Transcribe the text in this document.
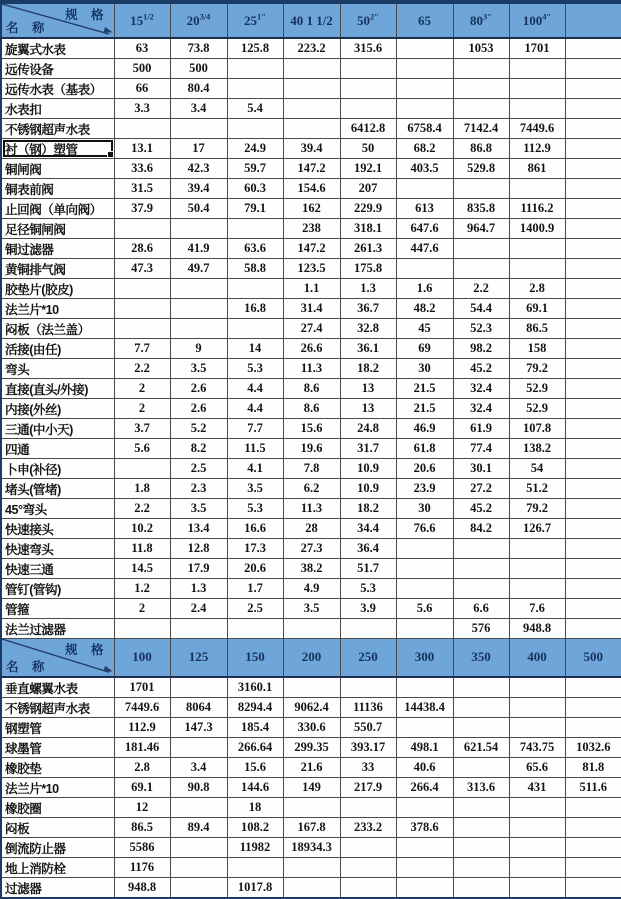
规 格
名 称	$15^{1/2}$	$20^{3/4}$	$25^{1''}$	40 1 1/2	$50^{2''}$	65	$80^{3''}$	$100^{4''}$	
旋翼式水表	63	73.8	125.8	223.2	315.6		1053	1701	
远传设备	500	500							
远传水表（基表）	66	80.4							
水表扣	3.3	3.4	5.4						
不锈钢超声水表					6412.8	6758.4	7142.4	7449.6	
衬（钢）塑管	13.1	17	24.9	39.4	50	68.2	86.8	112.9	
铜闸阀	33.6	42.3	59.7	147.2	192.1	403.5	529.8	861	
铜表前阀	31.5	39.4	60.3	154.6	207				
止回阀（单向阀）	37.9	50.4	79.1	162	229.9	613	835.8	1116.2	
足径铜闸阀				238	318.1	647.6	964.7	1400.9	
铜过滤器	28.6	41.9	63.6	147.2	261.3	447.6			
黄铜排气阀	47.3	49.7	58.8	123.5	175.8				
胶垫片(胶皮)				1.1	1.3	1.6	2.2	2.8	
法兰片*10			16.8	31.4	36.7	48.2	54.4	69.1	
闷板（法兰盖）				27.4	32.8	45	52.3	86.5	
活接(由任)	7.7	9	14	26.6	36.1	69	98.2	158	
弯头	2.2	3.5	5.3	11.3	18.2	30	45.2	79.2	
直接(直头/外接)	2	2.6	4.4	8.6	13	21.5	32.4	52.9	
内接(外丝)	2	2.6	4.4	8.6	13	21.5	32.4	52.9	
三通(中小天)	3.7	5.2	7.7	15.6	24.8	46.9	61.9	107.8	
四通	5.6	8.2	11.5	19.6	31.7	61.8	77.4	138.2	
卜申(补径)		2.5	4.1	7.8	10.9	20.6	30.1	54	
堵头(管堵)	1.8	2.3	3.5	6.2	10.9	23.9	27.2	51.2	
45°弯头	2.2	3.5	5.3	11.3	18.2	30	45.2	79.2	
快速接头	10.2	13.4	16.6	28	34.4	76.6	84.2	126.7	
快速弯头	11.8	12.8	17.3	27.3	36.4				
快速三通	14.5	17.9	20.6	38.2	51.7				
管钉(管钩)	1.2	1.3	1.7	4.9	5.3				
管箍	2	2.4	2.5	3.5	3.9	5.6	6.6	7.6	
法兰过滤器							576	948.8	

规 格
名 称	100	125	150	200	250	300	350	400	500
垂直螺翼水表	1701		3160.1						
不锈钢超声水表	7449.6	8064	8294.4	9062.4	11136	14438.4			
钢塑管	112.9	147.3	185.4	330.6	550.7				
球墨管	181.46		266.64	299.35	393.17	498.1	621.54	743.75	1032.6
橡胶垫	2.8	3.4	15.6	21.6	33	40.6		65.6	81.8
法兰片*10	69.1	90.8	144.6	149	217.9	266.4	313.6	431	511.6
橡胶圈	12		18						
闷板	86.5	89.4	108.2	167.8	233.2	378.6			
倒流防止器	5586		11982	18934.3					
地上消防栓	1176								
过滤器	948.8		1017.8						
